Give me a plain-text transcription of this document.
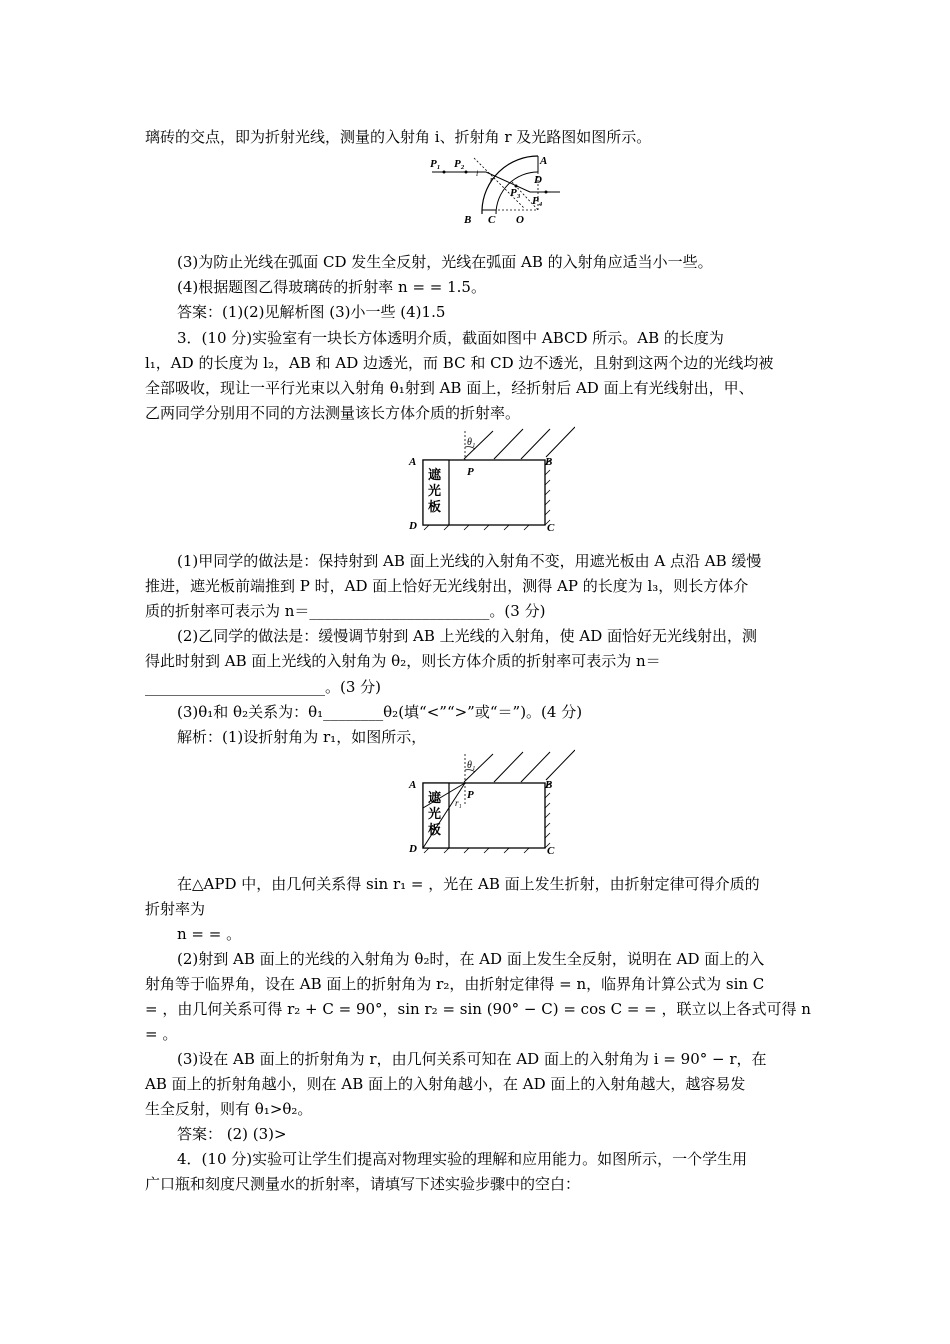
璃砖的交点，即为折射光线，测量的入射角 i、折射角 r 及光路图如图所示。
P₁ P₂
i
r
P₃
P₄
A
D
B C O
(3)为防止光线在弧面 CD 发生全反射，光线在弧面 AB 的入射角应适当小一些。
(4)根据题图乙得玻璃砖的折射率 n = = 1.5。
答案：(1)(2)见解析图 (3)小一些 (4)1.5
3．(10 分)实验室有一块长方体透明介质，截面如图中 ABCD 所示。AB 的长度为
l₁，AD 的长度为 l₂，AB 和 AD 边透光，而 BC 和 CD 边不透光，且射到这两个边的光线均被
全部吸收，现让一平行光束以入射角 θ₁射到 AB 面上，经折射后 AD 面上有光线射出，甲、
乙两同学分别用不同的方法测量该长方体介质的折射率。
θ₁
A	B
P
D	C
遮
光
板
(1)甲同学的做法是：保持射到 AB 面上光线的入射角不变，用遮光板由 A 点沿 AB 缓慢
推进，遮光板前端推到 P 时，AD 面上恰好无光线射出，测得 AP 的长度为 l₃，则长方体介
质的折射率可表示为 n＝________________________。(3 分)
(2)乙同学的做法是：缓慢调节射到 AB 上光线的入射角，使 AD 面恰好无光线射出，测
得此时射到 AB 面上光线的入射角为 θ₂，则长方体介质的折射率可表示为 n＝
________________________。(3 分)
(3)θ₁和 θ₂关系为：θ₁________θ₂(填“<”“>”或“＝”)。(4 分)
解析：(1)设折射角为 r₁，如图所示，
θ₁
r₁
A	B
P
D	C
遮
光
板
在△APD 中，由几何关系得 sin r₁ = ，光在 AB 面上发生折射，由折射定律可得介质的
折射率为
n = = 。
(2)射到 AB 面上的光线的入射角为 θ₂时，在 AD 面上发生全反射，说明在 AD 面上的入
射角等于临界角，设在 AB 面上的折射角为 r₂，由折射定律得 = n，临界角计算公式为 sin C
= ，由几何关系可得 r₂ + C = 90°，sin r₂ = sin (90° − C) = cos C = = ，联立以上各式可得 n
= 。
(3)设在 AB 面上的折射角为 r，由几何关系可知在 AD 面上的入射角为 i = 90° − r，在
AB 面上的折射角越小，则在 AB 面上的入射角越小，在 AD 面上的入射角越大，越容易发
生全反射，则有 θ₁>θ₂。
答案： (2) (3)>
4．(10 分)实验可让学生们提高对物理实验的理解和应用能力。如图所示，一个学生用
广口瓶和刻度尺测量水的折射率，请填写下述实验步骤中的空白：
